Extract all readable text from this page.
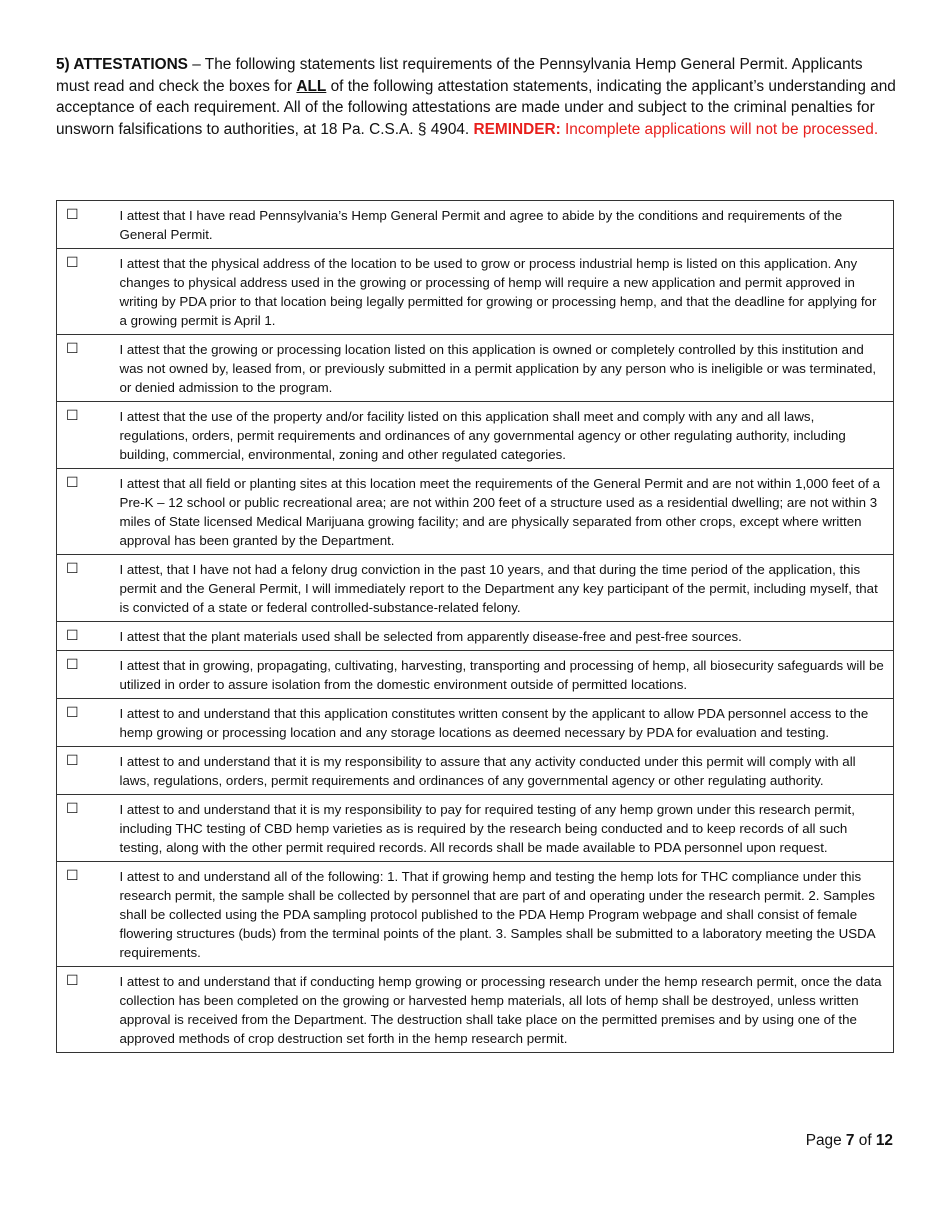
5) ATTESTATIONS – The following statements list requirements of the Pennsylvania Hemp General Permit. Applicants must read and check the boxes for ALL of the following attestation statements, indicating the applicant’s understanding and acceptance of each requirement. All of the following attestations are made under and subject to the criminal penalties for unsworn falsifications to authorities, at 18 Pa. C.S.A. § 4904. REMINDER: Incomplete applications will not be processed.
☐	I attest that I have read Pennsylvania’s Hemp General Permit and agree to abide by the conditions and requirements of the General Permit.
☐	I attest that the physical address of the location to be used to grow or process industrial hemp is listed on this application. Any changes to physical address used in the growing or processing of hemp will require a new application and permit approved in writing by PDA prior to that location being legally permitted for growing or processing hemp, and that the deadline for applying for a growing permit is April 1.
☐	I attest that the growing or processing location listed on this application is owned or completely controlled by this institution and was not owned by, leased from, or previously submitted in a permit application by any person who is ineligible or was terminated, or denied admission to the program.
☐	I attest that the use of the property and/or facility listed on this application shall meet and comply with any and all laws, regulations, orders, permit requirements and ordinances of any governmental agency or other regulating authority, including building, commercial, environmental, zoning and other regulated categories.
☐	I attest that all field or planting sites at this location meet the requirements of the General Permit and are not within 1,000 feet of a Pre-K – 12 school or public recreational area; are not within 200 feet of a structure used as a residential dwelling; are not within 3 miles of State licensed Medical Marijuana growing facility; and are physically separated from other crops, except where written approval has been granted by the Department.
☐	I attest, that I have not had a felony drug conviction in the past 10 years, and that during the time period of the application, this permit and the General Permit, I will immediately report to the Department any key participant of the permit, including myself, that is convicted of a state or federal controlled-substance-related felony.
☐	I attest that the plant materials used shall be selected from apparently disease-free and pest-free sources.
☐	I attest that in growing, propagating, cultivating, harvesting, transporting and processing of hemp, all biosecurity safeguards will be utilized in order to assure isolation from the domestic environment outside of permitted locations.
☐	I attest to and understand that this application constitutes written consent by the applicant to allow PDA personnel access to the hemp growing or processing location and any storage locations as deemed necessary by PDA for evaluation and testing.
☐	I attest to and understand that it is my responsibility to assure that any activity conducted under this permit will comply with all laws, regulations, orders, permit requirements and ordinances of any governmental agency or other regulating authority.
☐	I attest to and understand that it is my responsibility to pay for required testing of any hemp grown under this research permit, including THC testing of CBD hemp varieties as is required by the research being conducted and to keep records of all such testing, along with the other permit required records. All records shall be made available to PDA personnel upon request.
☐	I attest to and understand all of the following: 1. That if growing hemp and testing the hemp lots for THC compliance under this research permit, the sample shall be collected by personnel that are part of and operating under the research permit. 2. Samples shall be collected using the PDA sampling protocol published to the PDA Hemp Program webpage and shall consist of female flowering structures (buds) from the terminal points of the plant. 3. Samples shall be submitted to a laboratory meeting the USDA requirements.
☐	I attest to and understand that if conducting hemp growing or processing research under the hemp research permit, once the data collection has been completed on the growing or harvested hemp materials, all lots of hemp shall be destroyed, unless written approval is received from the Department. The destruction shall take place on the permitted premises and by using one of the approved methods of crop destruction set forth in the hemp research permit.
Page 7 of 12
